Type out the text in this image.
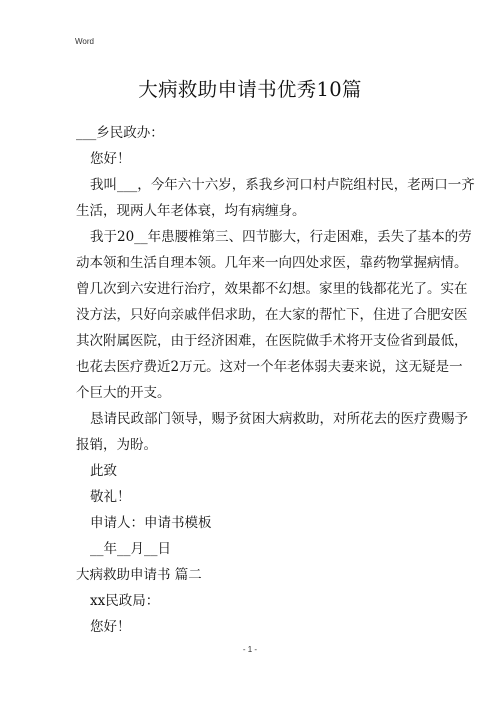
Word
大病救助申请书优秀10篇
___乡民政办：
您好！
我叫___，今年六十六岁，系我乡河口村卢院组村民，老两口一齐
生活，现两人年老体衰，均有病缠身。
我于20__年患腰椎第三、四节膨大，行走困难，丢失了基本的劳
动本领和生活自理本领。几年来一向四处求医，靠药物掌握病情。
曾几次到六安进行治疗，效果都不幻想。家里的钱都花光了。实在
没方法，只好向亲戚伴侣求助，在大家的帮忙下，住进了合肥安医
其次附属医院，由于经济困难，在医院做手术将开支俭省到最低，
也花去医疗费近2万元。这对一个年老体弱夫妻来说，这无疑是一
个巨大的开支。
恳请民政部门领导，赐予贫困大病救助，对所花去的医疗费赐予
报销，为盼。
此致
敬礼！
申请人：申请书模板
__年__月__日
大病救助申请书 篇二
xx民政局：
您好！
- 1 -
